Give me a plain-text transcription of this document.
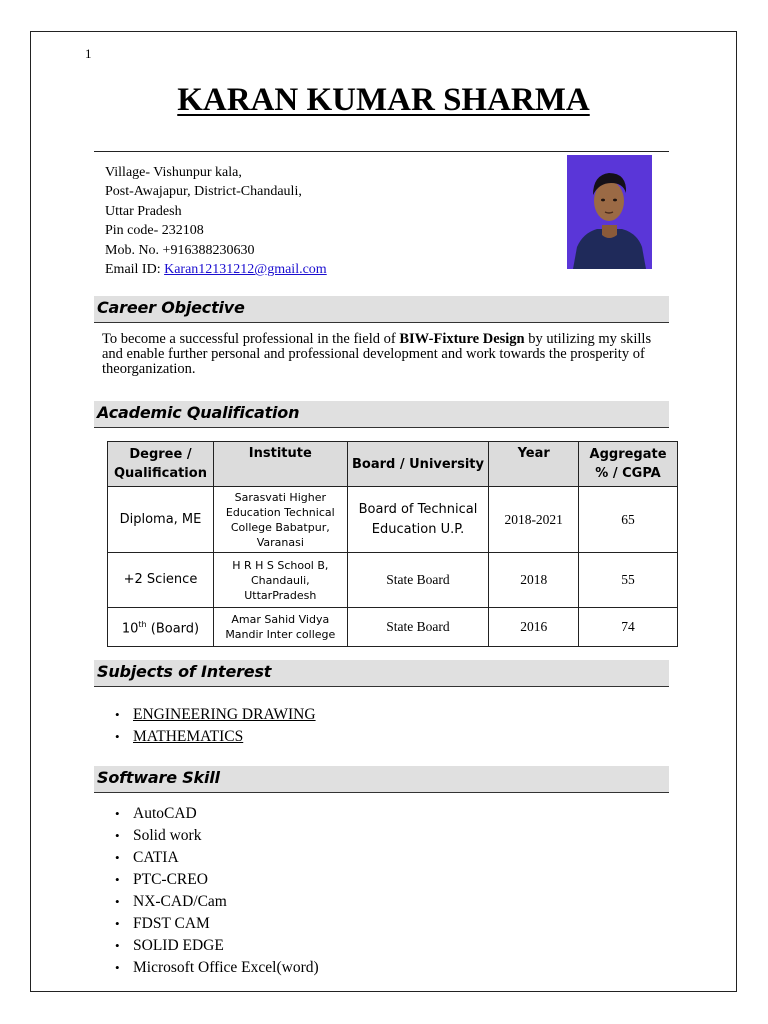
1
KARAN KUMAR SHARMA
Village- Vishunpur kala,
Post-Awajapur, District-Chandauli,
Uttar Pradesh
Pin code- 232108
Mob. No. +916388230630
Email ID: Karan12131212@gmail.com
Career Objective
To become a successful professional in the field of BIW-Fixture Design by utilizing my skills and enable further personal and professional development and work towards the prosperity of theorganization.
Academic Qualification
Degree / Qualification	Institute	Board / University	Year	Aggregate % / CGPA
Diploma, ME	Sarasvati Higher Education Technical College Babatpur, Varanasi	Board of Technical Education U.P.	2018-2021	65
+2 Science	H R H S School B, Chandauli, UttarPradesh	State Board	2018	55
10th (Board)	Amar Sahid Vidya Mandir Inter college	State Board	2016	74
Subjects of Interest
• ENGINEERING DRAWING
• MATHEMATICS
Software Skill
• AutoCAD
• Solid work
• CATIA
• PTC-CREO
• NX-CAD/Cam
• FDST CAM
• SOLID EDGE
• Microsoft Office Excel(word)
